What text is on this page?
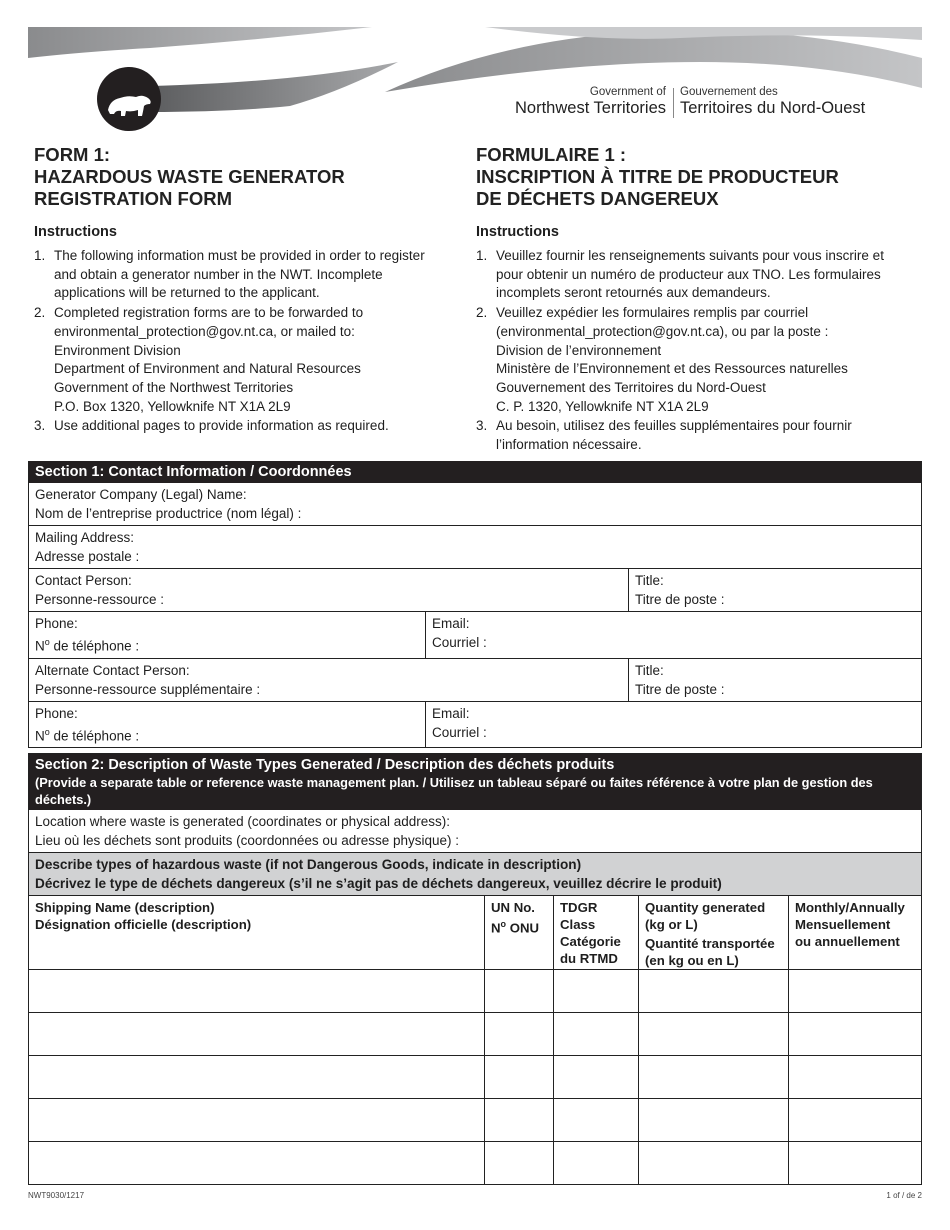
Government of
Northwest Territories
Gouvernement des
Territoires du Nord-Ouest
FORM 1:
HAZARDOUS WASTE GENERATOR
REGISTRATION FORM
Instructions
1. The following information must be provided in order to register
and obtain a generator number in the NWT. Incomplete
applications will be returned to the applicant.
2. Completed registration forms are to be forwarded to
environmental_protection@gov.nt.ca, or mailed to:
Environment Division
Department of Environment and Natural Resources
Government of the Northwest Territories
P.O. Box 1320, Yellowknife NT X1A 2L9
3. Use additional pages to provide information as required.
FORMULAIRE 1 :
INSCRIPTION À TITRE DE PRODUCTEUR
DE DÉCHETS DANGEREUX
Instructions
1. Veuillez fournir les renseignements suivants pour vous inscrire et
pour obtenir un numéro de producteur aux TNO. Les formulaires
incomplets seront retournés aux demandeurs.
2. Veuillez expédier les formulaires remplis par courriel
(environmental_protection@gov.nt.ca), ou par la poste :
Division de l’environnement
Ministère de l’Environnement et des Ressources naturelles
Gouvernement des Territoires du Nord-Ouest
C. P. 1320, Yellowknife NT X1A 2L9
3. Au besoin, utilisez des feuilles supplémentaires pour fournir
l’information nécessaire.
Section 1: Contact Information / Coordonnées
Generator Company (Legal) Name:
Nom de l’entreprise productrice (nom légal) :
Mailing Address:
Adresse postale :
Contact Person:
Personne-ressource :
Title:
Titre de poste :
Phone:
$N^o$ de téléphone :
Email:
Courriel :
Alternate Contact Person:
Personne-ressource supplémentaire :
Title:
Titre de poste :
Phone:
$N^o$ de téléphone :
Email:
Courriel :
Section 2: Description of Waste Types Generated / Description des déchets produits
(Provide a separate table or reference waste management plan. / Utilisez un tableau séparé ou faites référence à votre plan de gestion des déchets.)
Location where waste is generated (coordinates or physical address):
Lieu où les déchets sont produits (coordonnées ou adresse physique) :
Describe types of hazardous waste (if not Dangerous Goods, indicate in description)
Décrivez le type de déchets dangereux (s’il ne s’agit pas de déchets dangereux, veuillez décrire le produit)
Shipping Name (description)
Désignation officielle (description)
UN No.
$N^o$ ONU
TDGR Class
Catégorie
du RTMD
Quantity generated
(kg or L)
Quantité transportée
(en kg ou en L)
Monthly/Annually
Mensuellement
ou annuellement
NWT9030/1217	1 of / de 2
